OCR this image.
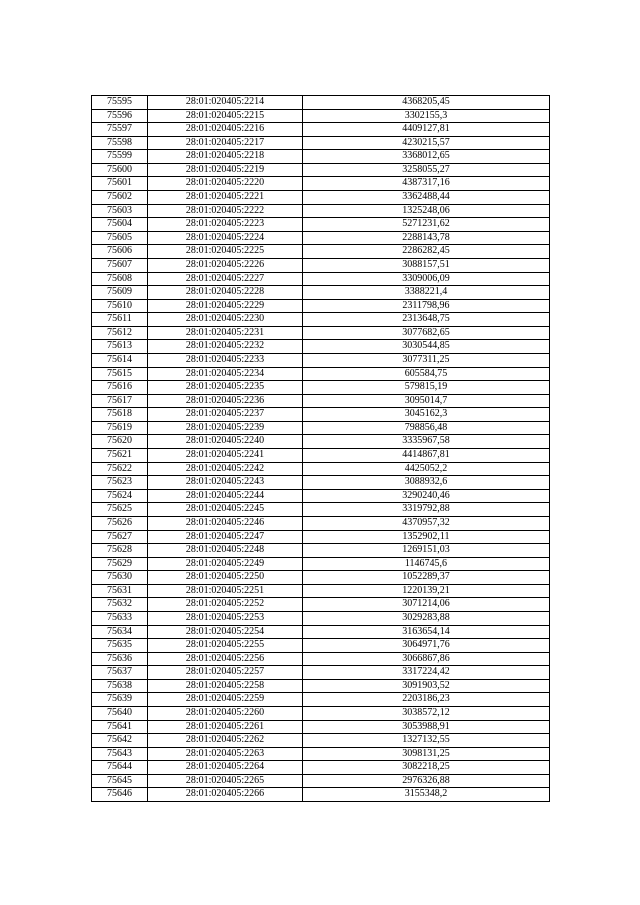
75595	28:01:020405:2214	4368205,45
75596	28:01:020405:2215	3302155,3
75597	28:01:020405:2216	4409127,81
75598	28:01:020405:2217	4230215,57
75599	28:01:020405:2218	3368012,65
75600	28:01:020405:2219	3258055,27
75601	28:01:020405:2220	4387317,16
75602	28:01:020405:2221	3362488,44
75603	28:01:020405:2222	1325248,06
75604	28:01:020405:2223	5271231,62
75605	28:01:020405:2224	2288143,78
75606	28:01:020405:2225	2286282,45
75607	28:01:020405:2226	3088157,51
75608	28:01:020405:2227	3309006,09
75609	28:01:020405:2228	3388221,4
75610	28:01:020405:2229	2311798,96
75611	28:01:020405:2230	2313648,75
75612	28:01:020405:2231	3077682,65
75613	28:01:020405:2232	3030544,85
75614	28:01:020405:2233	3077311,25
75615	28:01:020405:2234	605584,75
75616	28:01:020405:2235	579815,19
75617	28:01:020405:2236	3095014,7
75618	28:01:020405:2237	3045162,3
75619	28:01:020405:2239	798856,48
75620	28:01:020405:2240	3335967,58
75621	28:01:020405:2241	4414867,81
75622	28:01:020405:2242	4425052,2
75623	28:01:020405:2243	3088932,6
75624	28:01:020405:2244	3290240,46
75625	28:01:020405:2245	3319792,88
75626	28:01:020405:2246	4370957,32
75627	28:01:020405:2247	1352902,11
75628	28:01:020405:2248	1269151,03
75629	28:01:020405:2249	1146745,6
75630	28:01:020405:2250	1052289,37
75631	28:01:020405:2251	1220139,21
75632	28:01:020405:2252	3071214,06
75633	28:01:020405:2253	3029283,88
75634	28:01:020405:2254	3163654,14
75635	28:01:020405:2255	3064971,76
75636	28:01:020405:2256	3066867,86
75637	28:01:020405:2257	3317224,42
75638	28:01:020405:2258	3091903,52
75639	28:01:020405:2259	2203186,23
75640	28:01:020405:2260	3038572,12
75641	28:01:020405:2261	3053988,91
75642	28:01:020405:2262	1327132,55
75643	28:01:020405:2263	3098131,25
75644	28:01:020405:2264	3082218,25
75645	28:01:020405:2265	2976326,88
75646	28:01:020405:2266	3155348,2
